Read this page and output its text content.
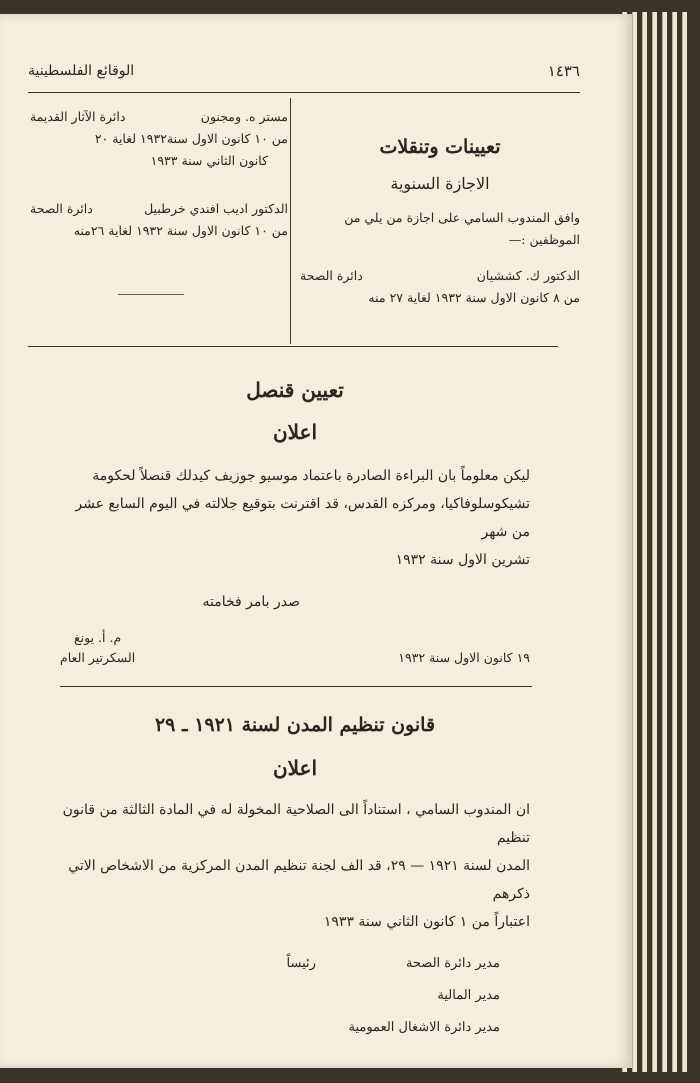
١٤٣٦
الوقائع الفلسطينية

تعيينات وتنقلات

الاجازة السنوية

وافق المندوب السامي على اجازة من يلي من الموظفين :—

الدكتور ك. كششيان
دائرة الصحة

من ٨ كانون الاول سنة ١٩٣٢ لغاية ٢٧ منه

مستر ه. ومجنون
دائرة الآثار القديمة

من ١٠ كانون الاول سنة١٩٣٢ لغاية ٢٠

كانون الثاني سنة ١٩٣٣

الدكتور اديب افندي خرطبيل
دائرة الصحة

من ١٠ كانون الاول سنة ١٩٣٢ لغاية ٢٦منه

تعيين قنصل

اعلان

ليكن معلوماً بان البراءة الصادرة باعتماد موسيو جوزيف كيدلك قنصلاً لحكومة

تشيكوسلوفاكيا، ومركزه القدس، قد اقترنت بتوقيع جلالته في اليوم السابع عشر من شهر

تشرين الاول سنة ١٩٣٢

صدر بامر فخامته

١٩ كانون الاول سنة ١٩٣٢
م. أ. يونغ
السكرتير العام

قانون تنظيم المدن لسنة ١٩٢١ ـ ٢٩

اعلان

ان المندوب السامي ، استناداً الى الصلاحية المخولة له في المادة الثالثة من قانون تنظيم

المدن لسنة ١٩٢١ — ٢٩، قد الف لجنة تنظيم المدن المركزية من الاشخاص الاتي ذكرهم

اعتباراً من ١ كانون الثاني سنة ١٩٣٣

مدير دائرة الصحة
رئيساً
مدير المالية
مدير دائرة الاشغال العمومية
